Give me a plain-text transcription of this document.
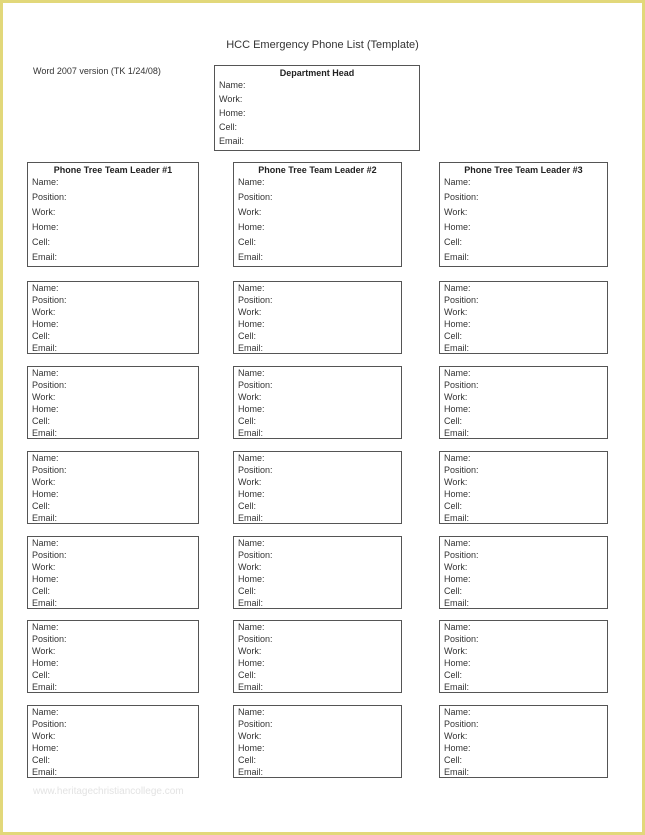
HCC Emergency Phone List (Template)
Word 2007 version (TK 1/24/08)	Department Head
Name:
Work:
Home:
Cell:
Email:
Phone Tree Team Leader #1
Name:
Position:
Work:
Home:
Cell:
Email:
Phone Tree Team Leader #2
Name:
Position:
Work:
Home:
Cell:
Email:
Phone Tree Team Leader #3
Name:
Position:
Work:
Home:
Cell:
Email:
Name:
Position:
Work:
Home:
Cell:
Email:
Name:
Position:
Work:
Home:
Cell:
Email:
Name:
Position:
Work:
Home:
Cell:
Email:
Name:
Position:
Work:
Home:
Cell:
Email:
Name:
Position:
Work:
Home:
Cell:
Email:
Name:
Position:
Work:
Home:
Cell:
Email:
Name:
Position:
Work:
Home:
Cell:
Email:
Name:
Position:
Work:
Home:
Cell:
Email:
Name:
Position:
Work:
Home:
Cell:
Email:
Name:
Position:
Work:
Home:
Cell:
Email:
Name:
Position:
Work:
Home:
Cell:
Email:
Name:
Position:
Work:
Home:
Cell:
Email:
Name:
Position:
Work:
Home:
Cell:
Email:
Name:
Position:
Work:
Home:
Cell:
Email:
Name:
Position:
Work:
Home:
Cell:
Email:
Name:
Position:
Work:
Home:
Cell:
Email:
Name:
Position:
Work:
Home:
Cell:
Email:
Name:
Position:
Work:
Home:
Cell:
Email:
www.heritagechristiancollege.com
